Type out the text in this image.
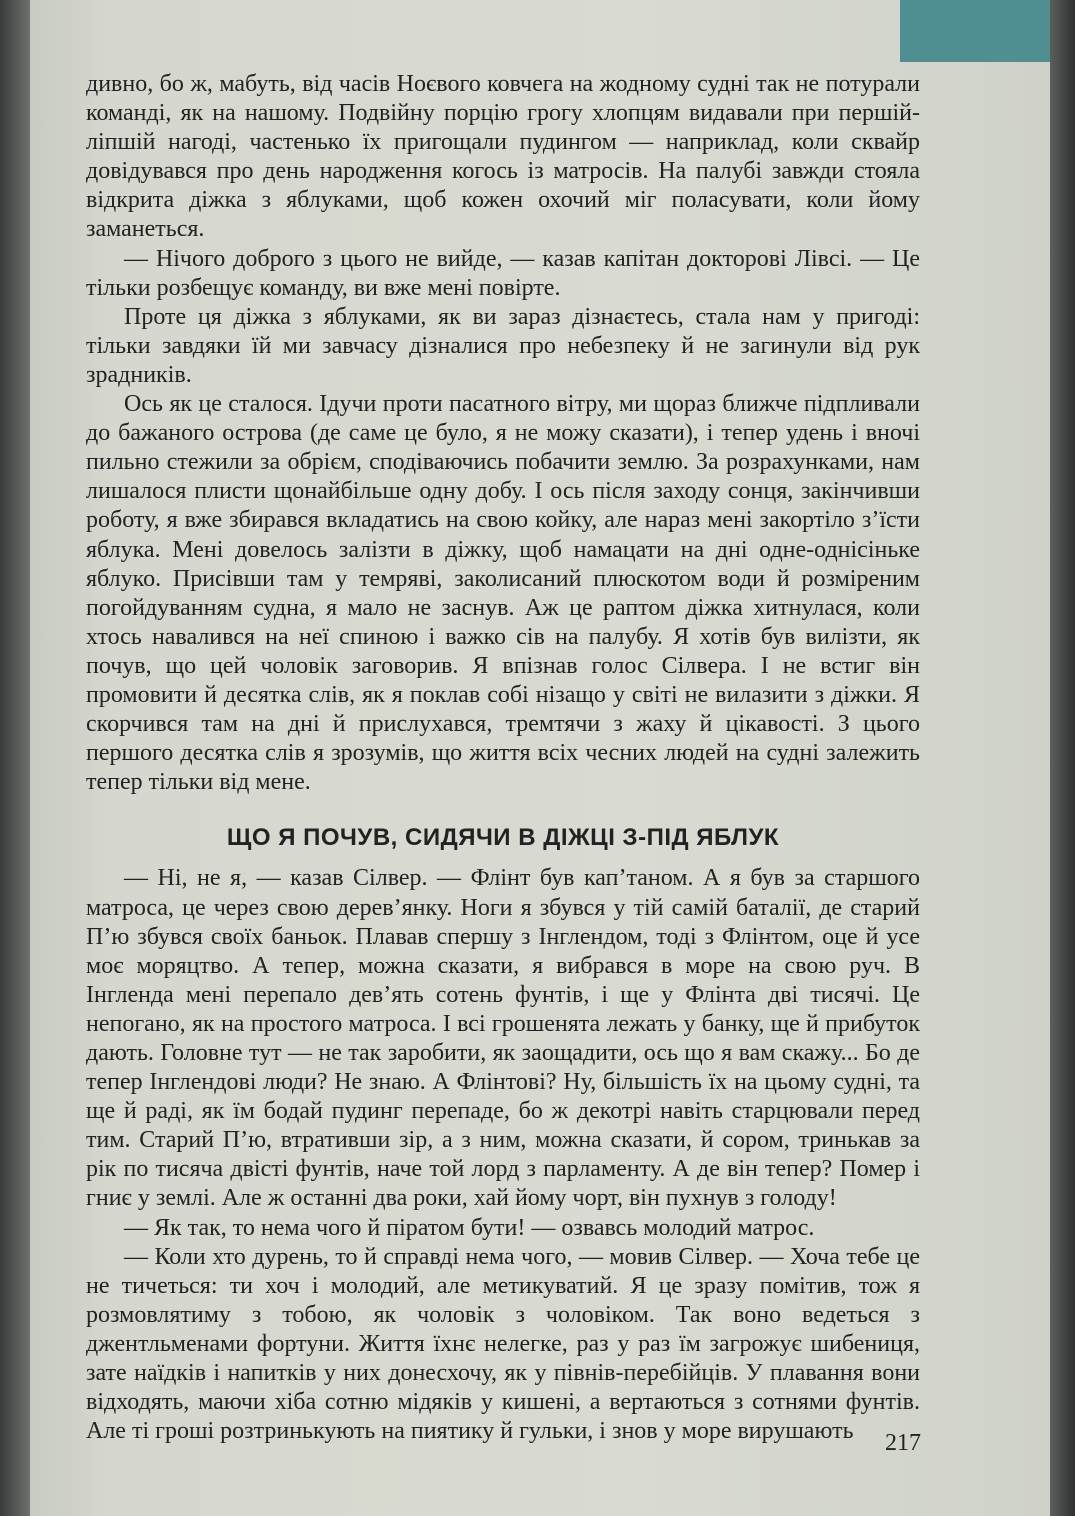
дивно, бо ж, мабуть, від часів Ноєвого ковчега на жодному судні так не потурали команді, як на нашому. Подвійну порцію грогу хлопцям видавали при першій-ліпшій нагоді, частенько їх пригощали пудингом — наприклад, коли сквайр довідувався про день народження когось із матросів. На палубі завжди стояла відкрита діжка з яблуками, щоб кожен охочий міг поласувати, коли йому заманеться.

— Нічого доброго з цього не вийде, — казав капітан докторові Лівсі. — Це тільки розбещує команду, ви вже мені повірте.

Проте ця діжка з яблуками, як ви зараз дізнаєтесь, стала нам у пригоді: тільки завдяки їй ми завчасу дізналися про небезпеку й не загинули від рук зрадників.

Ось як це сталося. Ідучи проти пасатного вітру, ми щораз ближче підпливали до бажаного острова (де саме це було, я не можу сказати), і тепер удень і вночі пильно стежили за обрієм, сподіваючись побачити землю. За розрахунками, нам лишалося плисти щонайбільше одну добу. І ось після заходу сонця, закінчивши роботу, я вже збирався вкладатись на свою койку, але нараз мені закортіло з’їсти яблука. Мені довелось залізти в діжку, щоб намацати на дні одне-однісіньке яблуко. Присівши там у темряві, заколисаний плюскотом води й розміреним погойдуванням судна, я мало не заснув. Аж це раптом діжка хитнулася, коли хтось навалився на неї спиною і важко сів на палубу. Я хотів був вилізти, як почув, що цей чоловік заговорив. Я впізнав голос Сілвера. І не встиг він промовити й десятка слів, як я поклав собі нізащо у світі не вилазити з діжки. Я скорчився там на дні й прислухався, тремтячи з жаху й цікавості. З цього першого десятка слів я зрозумів, що життя всіх чесних людей на судні залежить тепер тільки від мене.

ЩО Я ПОЧУВ, СИДЯЧИ В ДІЖЦІ З-ПІД ЯБЛУК

— Ні, не я, — казав Сілвер. — Флінт був кап’таном. А я був за старшого матроса, це через свою дерев’янку. Ноги я збувся у тій самій баталії, де старий П’ю збувся своїх баньок. Плавав спершу з Інглендом, тоді з Флінтом, оце й усе моє моряцтво. А тепер, можна сказати, я вибрався в море на свою руч. В Інгленда мені перепало дев’ять сотень фунтів, і ще у Флінта дві тисячі. Це непогано, як на простого матроса. І всі грошенята лежать у банку, ще й прибуток дають. Головне тут — не так заробити, як заощадити, ось що я вам скажу... Бо де тепер Інглендові люди? Не знаю. А Флінтові? Ну, більшість їх на цьому судні, та ще й раді, як їм бодай пудинг перепаде, бо ж декотрі навіть старцювали перед тим. Старий П’ю, втративши зір, а з ним, можна сказати, й сором, тринькав за рік по тисяча двісті фунтів, наче той лорд з парламенту. А де він тепер? Помер і гниє у землі. Але ж останні два роки, хай йому чорт, він пухнув з голоду!

— Як так, то нема чого й піратом бути! — озвавсь молодий матрос.

— Коли хто дурень, то й справді нема чого, — мовив Сілвер. — Хоча тебе це не тичеться: ти хоч і молодий, але метикуватий. Я це зразу помітив, тож я розмовлятиму з тобою, як чоловік з чоловіком. Так воно ведеться з джентльменами фортуни. Життя їхнє нелегке, раз у раз їм загрожує шибениця, зате наїдків і напитків у них донесхочу, як у півнів-перебійців. У плавання вони відходять, маючи хіба сотню мідяків у кишені, а вертаються з сотнями фунтів. Але ті гроші розтринькують на пиятику й гульки, і знов у море вирушають	217
